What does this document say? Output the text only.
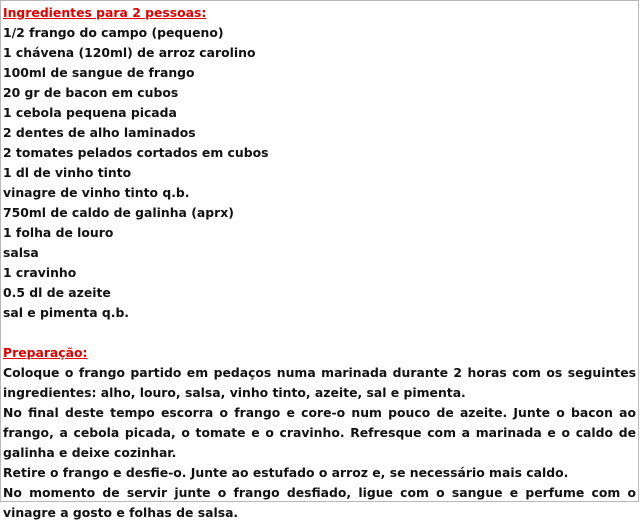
Ingredientes para 2 pessoas:

1/2 frango do campo (pequeno)
1 chávena (120ml) de arroz carolino
100ml de sangue de frango
20 gr de bacon em cubos
1 cebola pequena picada
2 dentes de alho laminados
2 tomates pelados cortados em cubos
1 dl de vinho tinto
vinagre de vinho tinto q.b.
750ml de caldo de galinha (aprx)
1 folha de louro
salsa
1 cravinho
0.5 dl de azeite
sal e pimenta q.b.

Preparação:

Coloque o frango partido em pedaços numa marinada durante 2 horas com os seguintes ingredientes: alho, louro, salsa, vinho tinto, azeite, sal e pimenta.

No final deste tempo escorra o frango e core-o num pouco de azeite. Junte o bacon ao frango, a cebola picada, o tomate e o cravinho. Refresque com a marinada e o caldo de galinha e deixe cozinhar.

Retire o frango e desfie-o. Junte ao estufado o arroz e, se necessário mais caldo.

No momento de servir junte o frango desfiado, ligue com o sangue e perfume com o vinagre a gosto e folhas de salsa.
